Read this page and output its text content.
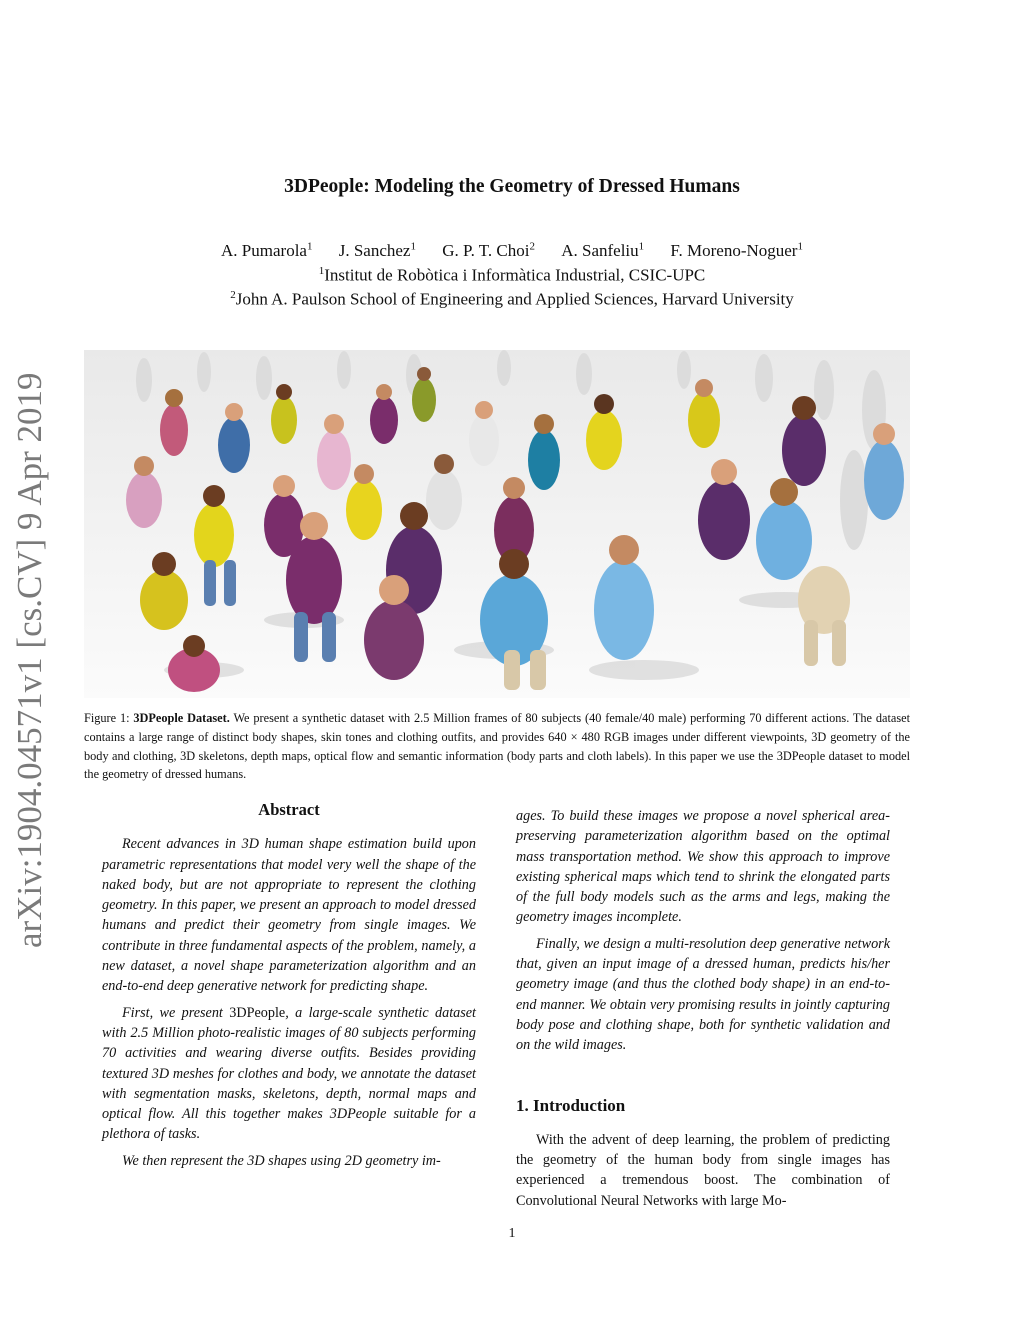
3DPeople: Modeling the Geometry of Dressed Humans
A. Pumarola$^1$ J. Sanchez$^1$ G. P. T. Choi$^2$ A. Sanfeliu$^1$ F. Moreno-Noguer$^1$
$^1$Institut de Robòtica i Informàtica Industrial, CSIC-UPC
$^2$John A. Paulson School of Engineering and Applied Sciences, Harvard University
arXiv:1904.04571v1 [cs.CV] 9 Apr 2019	Figure 1: 3DPeople Dataset. We present a synthetic dataset with 2.5 Million frames of 80 subjects (40 female/40 male) performing 70 different actions. The dataset contains a large range of distinct body shapes, skin tones and clothing outfits, and provides 640 × 480 RGB images under different viewpoints, 3D geometry of the body and clothing, 3D skeletons, depth maps, optical flow and semantic information (body parts and cloth labels). In this paper we use the 3DPeople dataset to model the geometry of dressed humans.
Abstract

Recent advances in 3D human shape estimation build upon parametric representations that model very well the shape of the naked body, but are not appropriate to represent the clothing geometry. In this paper, we present an approach to model dressed humans and predict their geometry from single images. We contribute in three fundamental aspects of the problem, namely, a new dataset, a novel shape parameterization algorithm and an end-to-end deep generative network for predicting shape.

First, we present 3DPeople, a large-scale synthetic dataset with 2.5 Million photo-realistic images of 80 subjects performing 70 activities and wearing diverse outfits. Besides providing textured 3D meshes for clothes and body, we annotate the dataset with segmentation masks, skeletons, depth, normal maps and optical flow. All this together makes 3DPeople suitable for a plethora of tasks.

We then represent the 3D shapes using 2D geometry im-

ages. To build these images we propose a novel spherical area-preserving parameterization algorithm based on the optimal mass transportation method. We show this approach to improve existing spherical maps which tend to shrink the elongated parts of the full body models such as the arms and legs, making the geometry images incomplete.

Finally, we design a multi-resolution deep generative network that, given an input image of a dressed human, predicts his/her geometry image (and thus the clothed body shape) in an end-to-end manner. We obtain very promising results in jointly capturing body pose and clothing shape, both for synthetic validation and on the wild images.

1. Introduction

With the advent of deep learning, the problem of predicting the geometry of the human body from single images has experienced a tremendous boost. The combination of Convolutional Neural Networks with large Mo-

1
